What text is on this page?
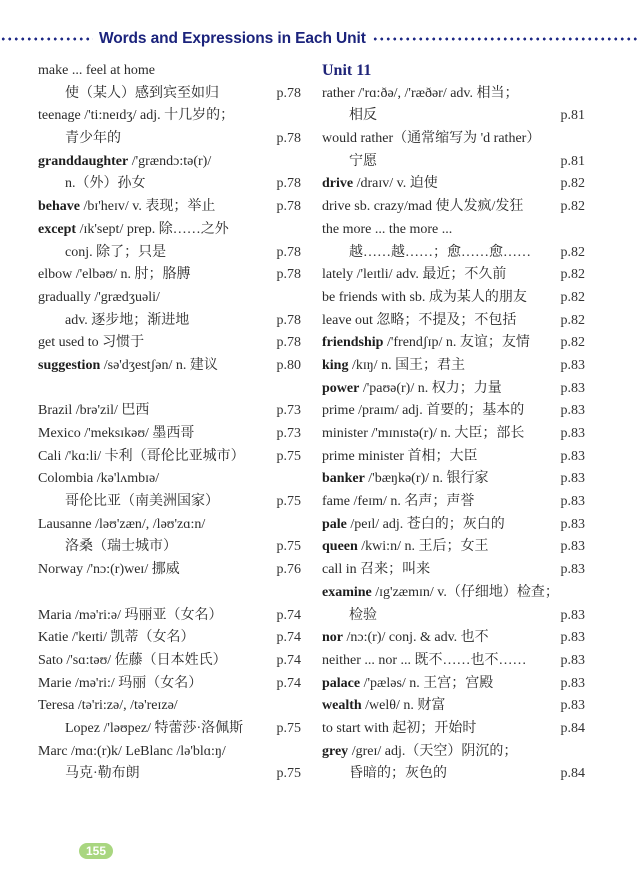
Words and Expressions in Each Unit
make ... feel at home
使（某人）感到宾至如归	p.78
teenage /'ti:neɪdʒ/ adj. 十几岁的；
青少年的	p.78
granddaughter /'grændɔ:tə(r)/
n.（外）孙女	p.78
behave /bɪ'heɪv/ v. 表现；举止	p.78
except /ɪk'sept/ prep. 除……之外
conj. 除了；只是	p.78
elbow /'elbəʊ/ n. 肘；胳膊	p.78
gradually /'grædʒuəli/
adv. 逐步地；渐进地	p.78
get used to 习惯于	p.78
suggestion /sə'dʒestʃən/ n. 建议	p.80
Brazil /brə'zil/ 巴西	p.73
Mexico /'meksɪkəʊ/ 墨西哥	p.73
Cali /'kɑ:li/ 卡利（哥伦比亚城市） p.75
Colombia /kə'lʌmbɪə/
哥伦比亚（南美洲国家）	p.75
Lausanne /ləʊ'zæn/, /ləʊ'zɑ:n/
洛桑（瑞士城市）	p.75
Norway /'nɔ:(r)weɪ/ 挪威	p.76
Maria /mə'ri:ə/ 玛丽亚（女名）	p.74
Katie /'keɪti/ 凯蒂（女名）	p.74
Sato /'sɑ:təʊ/ 佐藤（日本姓氏）	p.74
Marie /mə'ri:/ 玛丽（女名）	p.74
Teresa /tə'ri:zə/, /tə'reɪzə/
Lopez /'ləʊpez/ 特蕾莎·洛佩斯 p.75
Marc /mɑ:(r)k/ LeBlanc /lə'blɑ:ŋ/
马克·勒布朗	p.75
Unit 11
rather /'rɑ:ðə/, /'ræðər/ adv. 相当；
相反	p.81
would rather（通常缩写为 'd rather）
宁愿	p.81
drive /draɪv/ v. 迫使	p.82
drive sb. crazy/mad 使人发疯/发狂	p.82
the more ... the more ...
越……越……；愈……愈…… p.82
lately /'leɪtli/ adv. 最近；不久前	p.82
be friends with sb. 成为某人的朋友 p.82
leave out 忽略；不提及；不包括	p.82
friendship /'frendʃɪp/ n. 友谊；友情 p.82
king /kɪŋ/ n. 国王；君主	p.83
power /'paʊə(r)/ n. 权力；力量	p.83
prime /praɪm/ adj. 首要的；基本的	p.83
minister /'mɪnɪstə(r)/ n. 大臣；部长	p.83
prime minister 首相；大臣	p.83
banker /'bæŋkə(r)/ n. 银行家	p.83
fame /feɪm/ n. 名声；声誉	p.83
pale /peɪl/ adj. 苍白的；灰白的	p.83
queen /kwi:n/ n. 王后；女王	p.83
call in 召来；叫来	p.83
examine /ɪg'zæmɪn/ v.（仔细地）检查；
检验	p.83
nor /nɔ:(r)/ conj. & adv. 也不	p.83
neither ... nor ... 既不……也不…… p.83
palace /'pæləs/ n. 王宫；宫殿	p.83
wealth /welθ/ n. 财富	p.83
to start with 起初；开始时	p.84
grey /greɪ/ adj.（天空）阴沉的；
昏暗的；灰色的	p.84
155
